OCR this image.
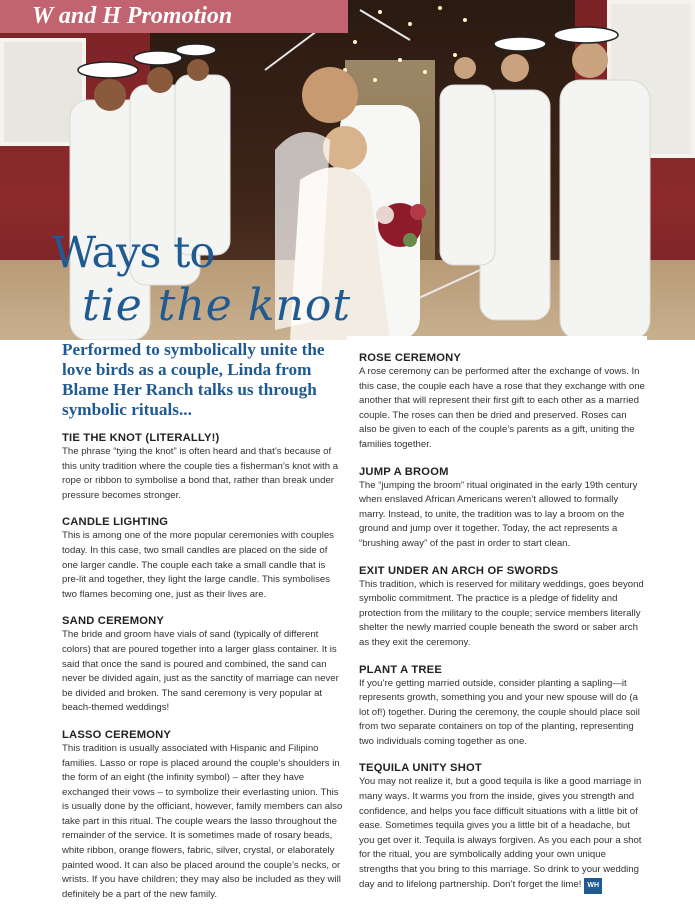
W and H Promotion
Ways to
tie the knot
Performed to symbolically unite the love birds as a couple, Linda from Blame Her Ranch talks us through symbolic rituals...
TIE THE KNOT (LITERALLY!)

The phrase “tying the knot” is often heard and that’s because of this unity tradition where the couple ties a fisherman’s knot with a rope or ribbon to symbolise a bond that, rather than break under pressure becomes stronger.

CANDLE LIGHTING

This is among one of the more popular ceremonies with couples today. In this case, two small candles are placed on the side of one larger candle. The couple each take a small candle that is pre-lit and together, they light the large candle. This symbolises two flames becoming one, just as their lives are.

SAND CEREMONY

The bride and groom have vials of sand (typically of different colors) that are poured together into a larger glass container. It is said that once the sand is poured and combined, the sand can never be divided again, just as the sanctity of marriage can never be divided and broken. The sand ceremony is very popular at beach-themed weddings!

LASSO CEREMONY

This tradition is usually associated with Hispanic and Filipino families. Lasso or rope is placed around the couple’s shoulders in the form of an eight (the infinity symbol) – after they have exchanged their vows – to symbolize their everlasting union. This is usually done by the officiant, however, family members can also take part in this ritual. The couple wears the lasso throughout the remainder of the service. It is sometimes made of rosary beads, white ribbon, orange flowers, fabric, silver, crystal, or elaborately painted wood. It can also be placed around the couple’s necks, or wrists. If you have children; they may also be included as they will definitely be a part of the new family.

ROSE CEREMONY

A rose ceremony can be performed after the exchange of vows. In this case, the couple each have a rose that they exchange with one another that will represent their first gift to each other as a married couple. The roses can then be dried and preserved. Roses can also be given to each of the couple’s parents as a gift, uniting the families together.

JUMP A BROOM

The “jumping the broom” ritual originated in the early 19th century when enslaved African Americans weren’t allowed to formally marry. Instead, to unite, the tradition was to lay a broom on the ground and jump over it together. Today, the act represents a “brushing away” of the past in order to start clean.

EXIT UNDER AN ARCH OF SWORDS

This tradition, which is reserved for military weddings, goes beyond symbolic commitment. The practice is a pledge of fidelity and protection from the military to the couple; service members literally shelter the newly married couple beneath the sword or saber arch as they exit the ceremony.

PLANT A TREE

If you’re getting married outside, consider planting a sapling—it represents growth, something you and your new spouse will do (a lot of!) together. During the ceremony, the couple should place soil from two separate containers on top of the planting, representing two individuals coming together as one.

TEQUILA UNITY SHOT

You may not realize it, but a good tequila is like a good marriage in many ways. It warms you from the inside, gives you strength and confidence, and helps you face difficult situations with a little bit of ease. Sometimes tequila gives you a little bit of a headache, but you get over it. Tequila is always forgiven. As you each pour a shot for the ritual, you are symbolically adding your own unique strengths that you bring to this marriage. So drink to your wedding day and to lifelong partnership. Don’t forget the lime! WH
